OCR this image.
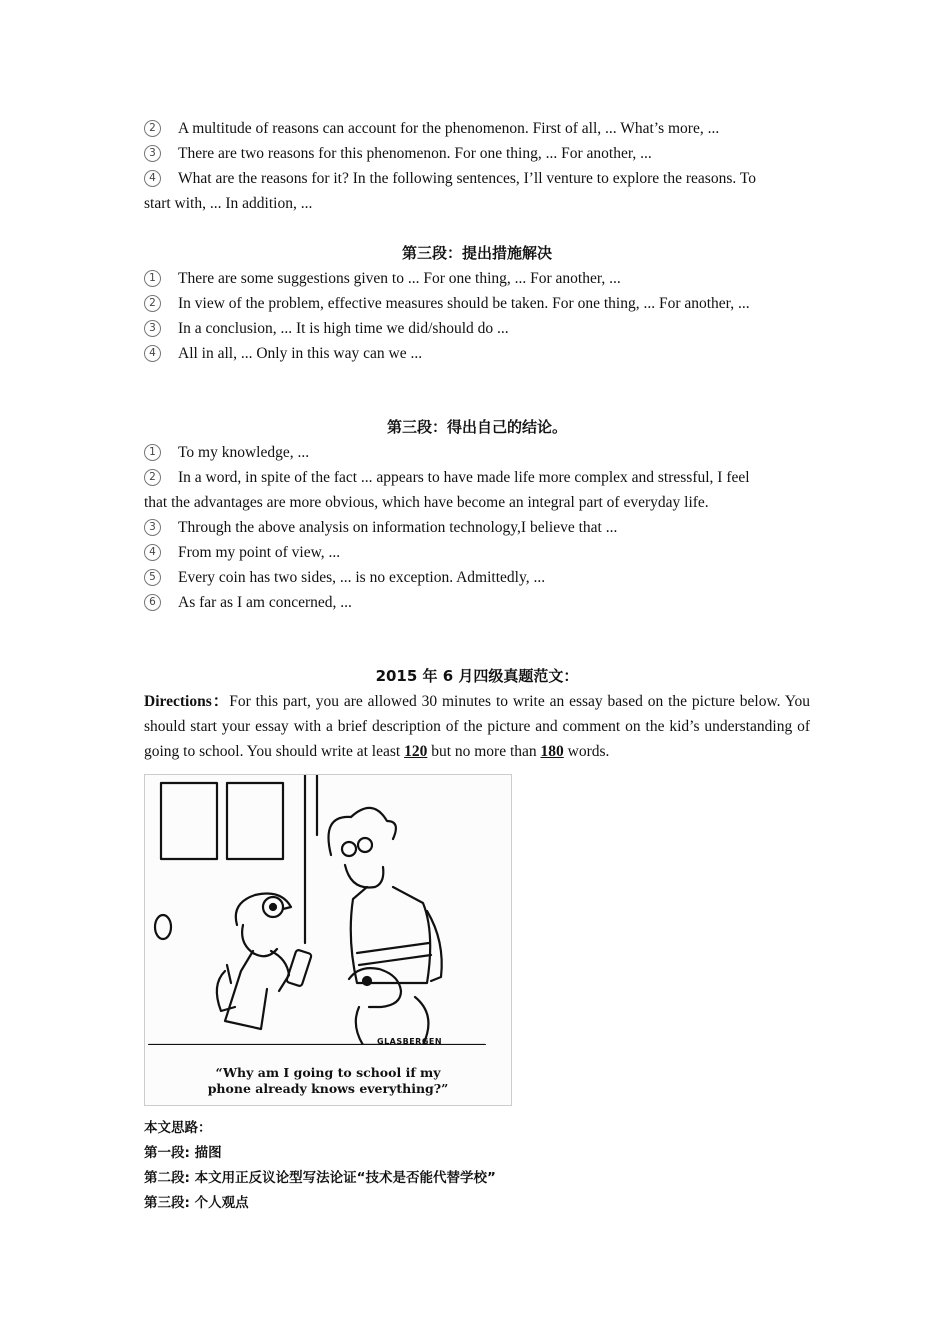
2	A multitude of reasons can account for the phenomenon. First of all, ... What’s more, ...
3	There are two reasons for this phenomenon. For one thing, ... For another, ...
4	What are the reasons for it? In the following sentences, I’ll venture to explore the reasons. To
start with, ... In addition, ...
第三段：提出措施解决
1	There are some suggestions given to ... For one thing, ... For another, ...
2	In view of the problem, effective measures should be taken. For one thing, ... For another, ...
3	In a conclusion, ... It is high time we did/should do ...
4	All in all, ... Only in this way can we ...
第三段：得出自己的结论。
1	To my knowledge, ...
2	In a word, in spite of the fact ... appears to have made life more complex and stressful, I feel
that the advantages are more obvious, which have become an integral part of everyday life.
3	Through the above analysis on information technology,I believe that ...
4	From my point of view, ...
5	Every coin has two sides, ... is no exception. Admittedly, ...
6	As far as I am concerned, ...
2015 年 6 月四级真题范文：
Directions：For this part, you are allowed 30 minutes to write an essay based on the picture below. You should start your essay with a brief description of the picture and comment on the kid’s understanding of going to school. You should write at least 120 but no more than 180 words.
GLASBERGEN
“Why am I going to school if my
phone already knows everything?”
本文思路：
第一段: 描图
第二段: 本文用正反议论型写法论证“技术是否能代替学校”
第三段: 个人观点
